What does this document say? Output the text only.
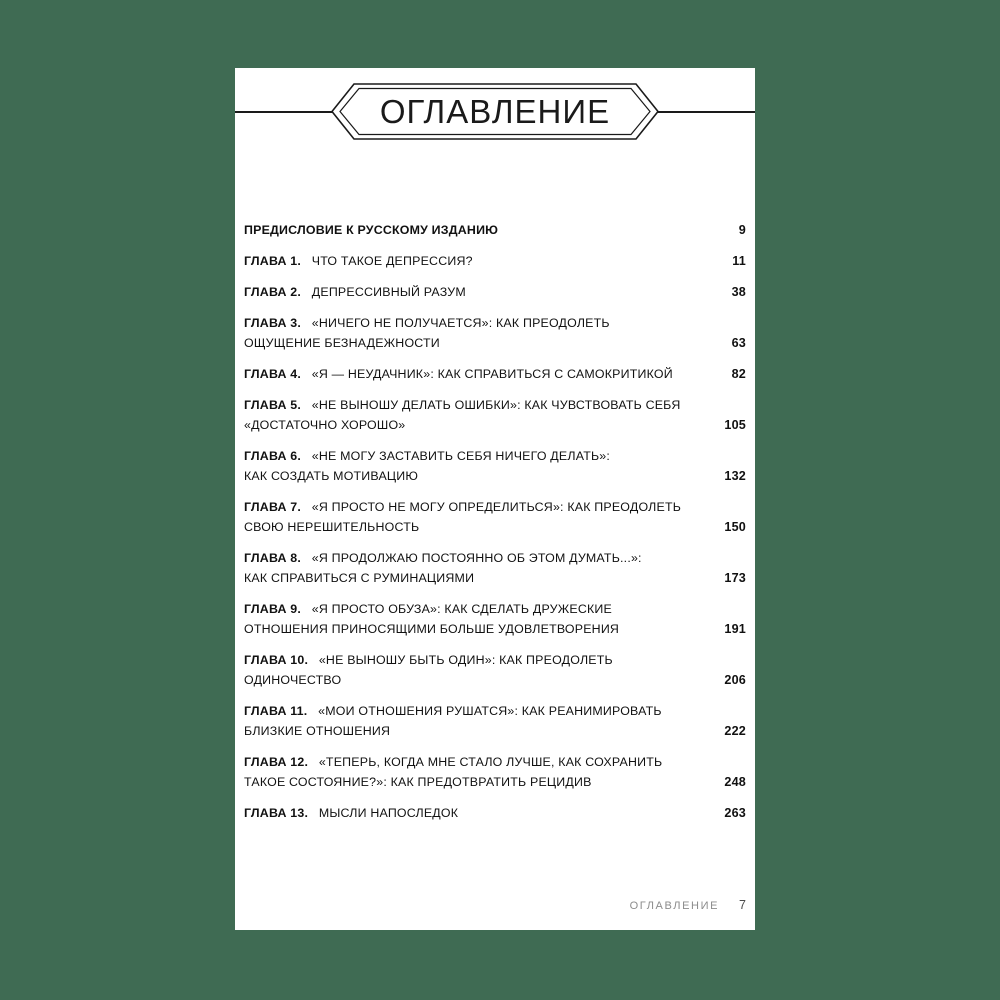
ОГЛАВЛЕНИЕ
ПРЕДИСЛОВИЕ К РУССКОМУ ИЗДАНИЮ . . .	9
ГЛАВА 1.   ЧТО ТАКОЕ ДЕПРЕССИЯ? . . .	11
ГЛАВА 2.   ДЕПРЕССИВНЫЙ РАЗУМ . . .	38
ГЛАВА 3.   «НИЧЕГО НЕ ПОЛУЧАЕТСЯ»: КАК ПРЕОДОЛЕТЬ
ОЩУЩЕНИЕ БЕЗНАДЕЖНОСТИ . . .	63
ГЛАВА 4.   «Я — НЕУДАЧНИК»: КАК СПРАВИТЬСЯ С САМОКРИТИКОЙ . . .	82
ГЛАВА 5.   «НЕ ВЫНОШУ ДЕЛАТЬ ОШИБКИ»: КАК ЧУВСТВОВАТЬ СЕБЯ
«ДОСТАТОЧНО ХОРОШО» . . .	105
ГЛАВА 6.   «НЕ МОГУ ЗАСТАВИТЬ СЕБЯ НИЧЕГО ДЕЛАТЬ»:
КАК СОЗДАТЬ МОТИВАЦИЮ . . .	132
ГЛАВА 7.   «Я ПРОСТО НЕ МОГУ ОПРЕДЕЛИТЬСЯ»: КАК ПРЕОДОЛЕТЬ
СВОЮ НЕРЕШИТЕЛЬНОСТЬ . . .	150
ГЛАВА 8.   «Я ПРОДОЛЖАЮ ПОСТОЯННО ОБ ЭТОМ ДУМАТЬ...»:
КАК СПРАВИТЬСЯ С РУМИНАЦИЯМИ . . .	173
ГЛАВА 9.   «Я ПРОСТО ОБУЗА»: КАК СДЕЛАТЬ ДРУЖЕСКИЕ
ОТНОШЕНИЯ ПРИНОСЯЩИМИ БОЛЬШЕ УДОВЛЕТВОРЕНИЯ . . .	191
ГЛАВА 10.   «НЕ ВЫНОШУ БЫТЬ ОДИН»: КАК ПРЕОДОЛЕТЬ
ОДИНОЧЕСТВО . . .	206
ГЛАВА 11.   «МОИ ОТНОШЕНИЯ РУШАТСЯ»: КАК РЕАНИМИРОВАТЬ
БЛИЗКИЕ ОТНОШЕНИЯ . . .	222
ГЛАВА 12.   «ТЕПЕРЬ, КОГДА МНЕ СТАЛО ЛУЧШЕ, КАК СОХРАНИТЬ
ТАКОЕ СОСТОЯНИЕ?»: КАК ПРЕДОТВРАТИТЬ РЕЦИДИВ . . .	248
ГЛАВА 13.   МЫСЛИ НАПОСЛЕДОК . . .	263
ОГЛАВЛЕНИЕ 7
